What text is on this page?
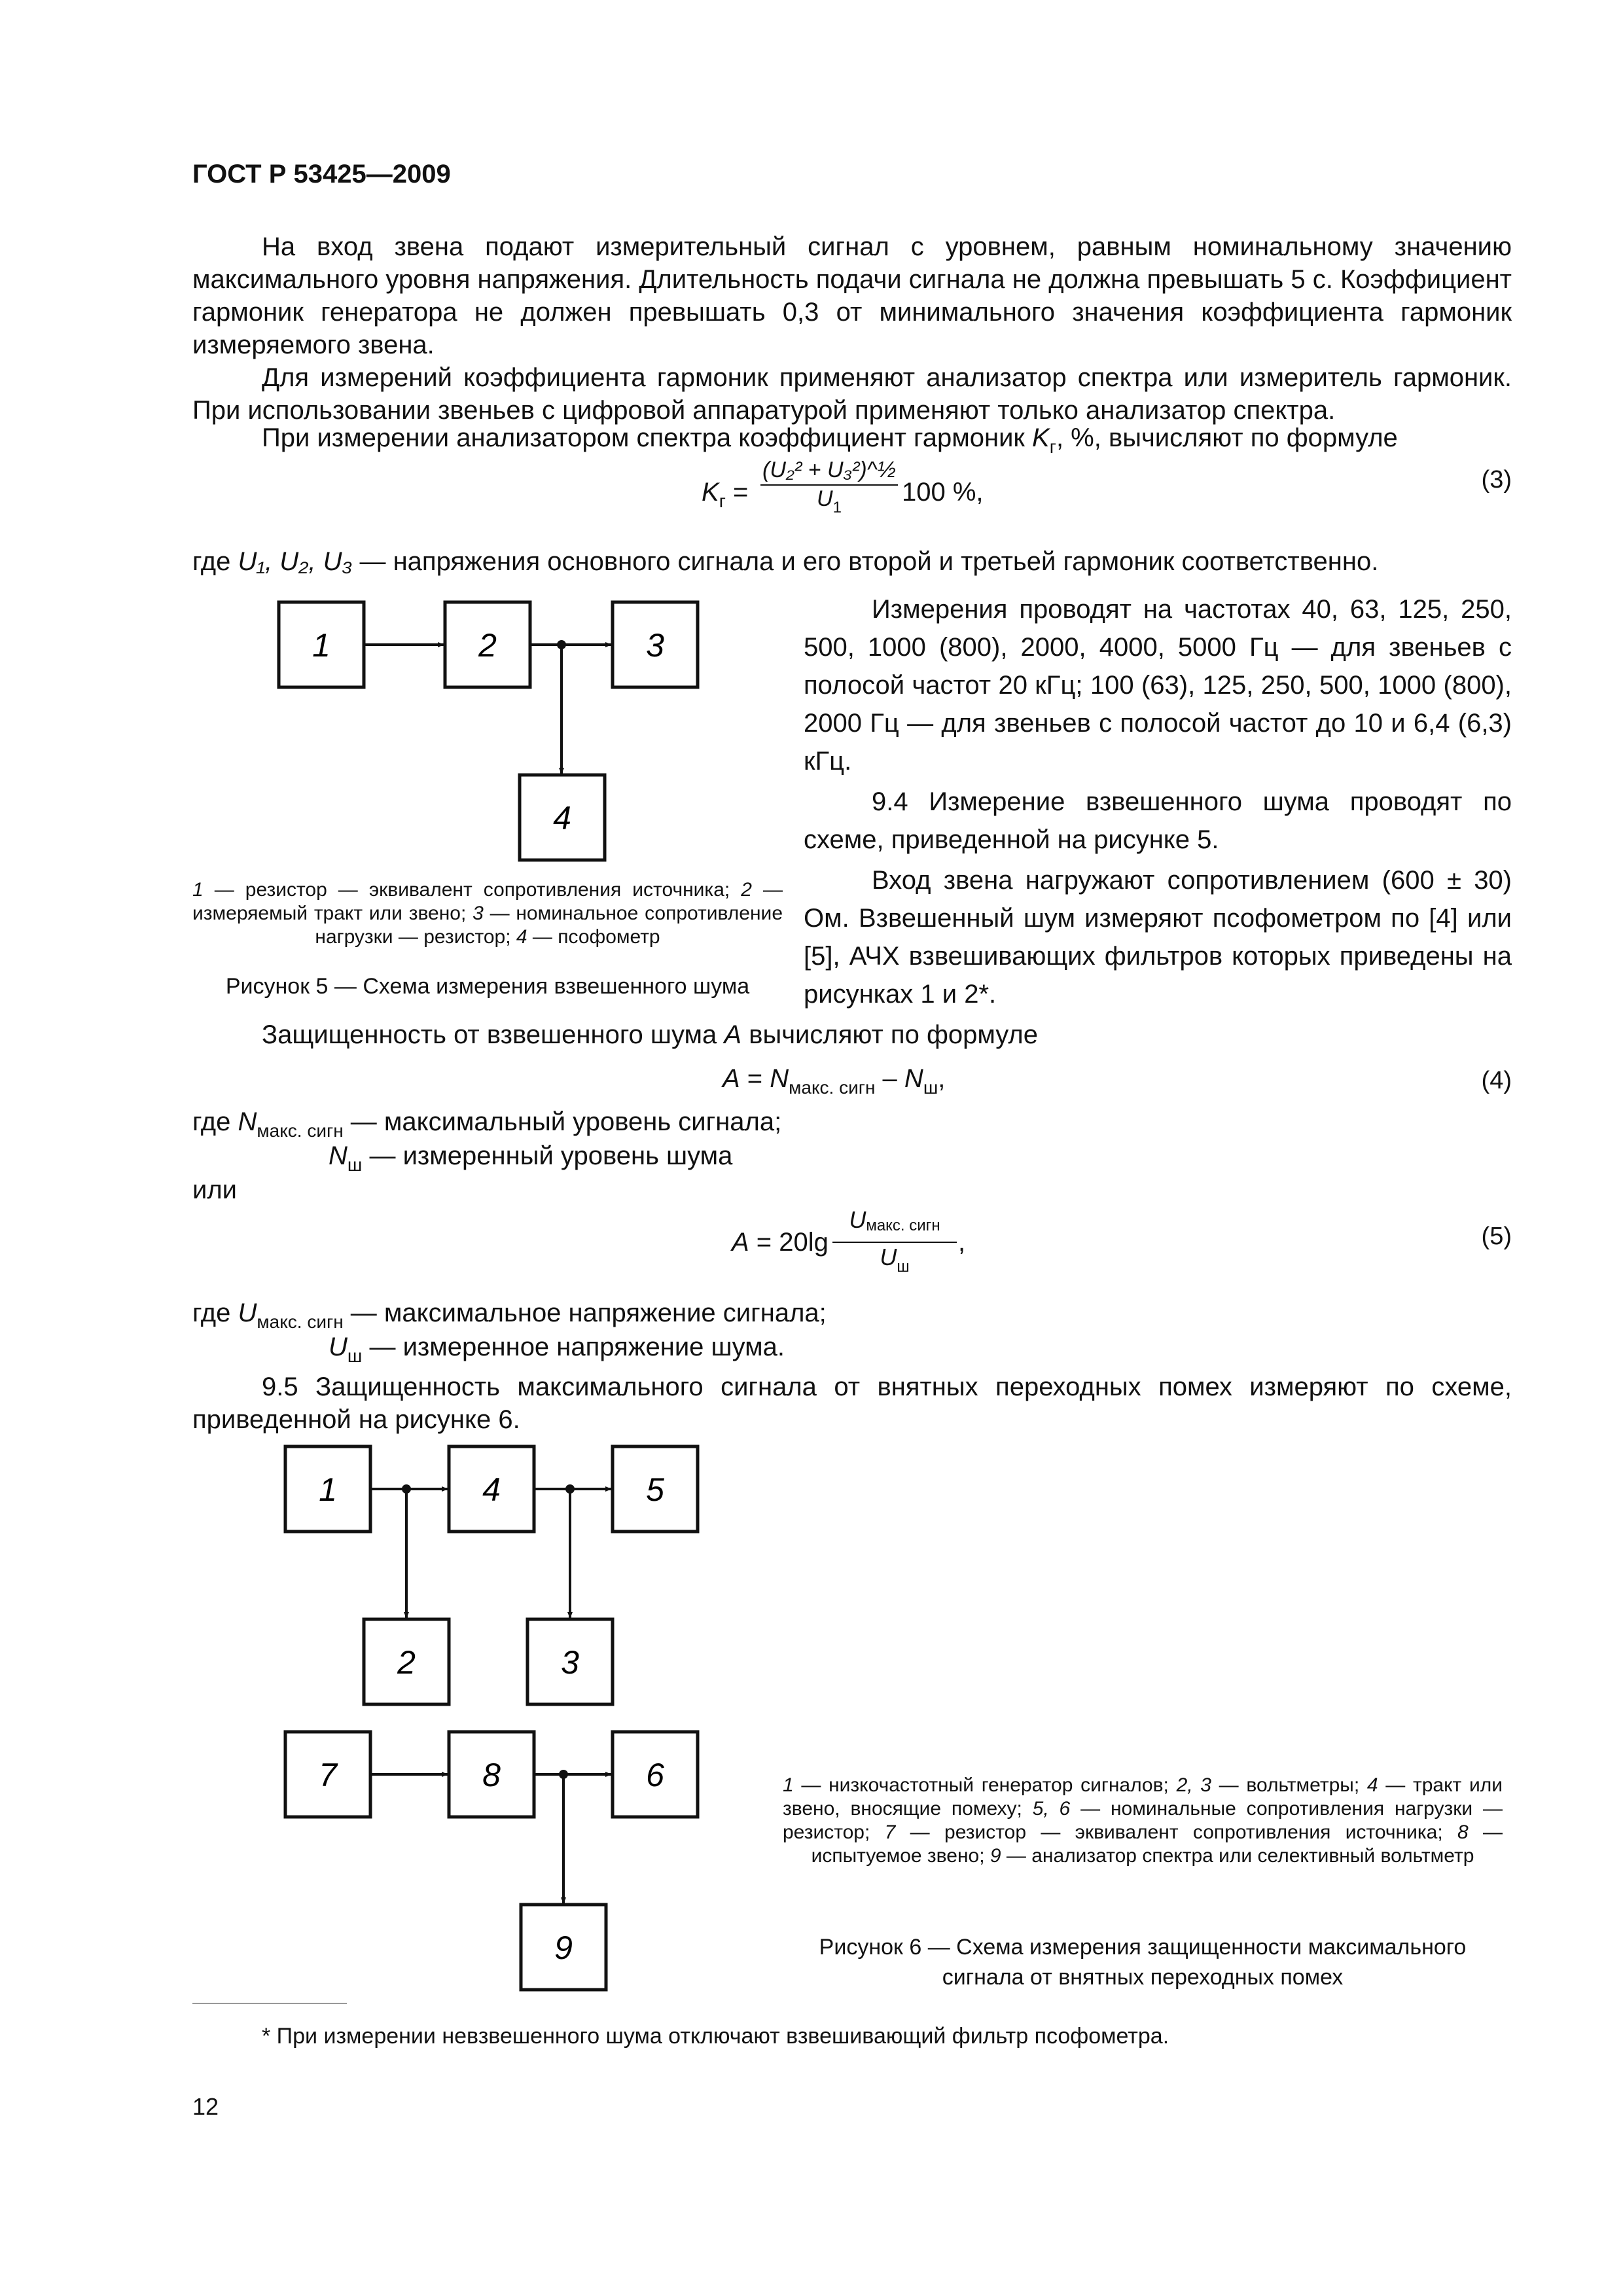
ГОСТ Р 53425—2009
На вход звена подают измерительный сигнал с уровнем, равным номинальному значению максимального уровня напряжения. Длительность подачи сигнала не должна превышать 5 с. Коэффициент гармоник генератора не должен превышать 0,3 от минимального значения коэффициента гармоник измеряемого звена.
Для измерений коэффициента гармоник применяют анализатор спектра или измеритель гармоник. При использовании звеньев с цифровой аппаратурой применяют только анализатор спектра.
При измерении анализатором спектра коэффициент гармоник $K_г$, %, вычисляют по формуле
$K_г$ =
(U₂² + U₃²)^½
$U_1$
100 %,	(3)
где U₁, U₂, U₃ — напряжения основного сигнала и его второй и третьей гармоник соответственно.
Измерения проводят на частотах 40, 63, 125, 250, 500, 1000 (800), 2000, 4000, 5000 Гц — для звеньев с полосой частот 20 кГц; 100 (63), 125, 250, 500, 1000 (800), 2000 Гц — для звеньев с полосой частот до 10 и 6,4 (6,3) кГц.
9.4 Измерение взвешенного шума проводят по схеме, приведенной на рисунке 5.
Вход звена нагружают сопротивлением (600 ± 30) Ом. Взвешенный шум измеряют псофометром по [4] или [5], АЧХ взвешивающих фильтров которых приведены на рисунках 1 и 2*.
1	2	3
4
1 — резистор — эквивалент сопротивления источника; 2 — измеряемый тракт или звено; 3 — номинальное сопротивление нагрузки — резистор; 4 — псофометр
Рисунок 5 — Схема измерения взвешенного шума
Защищенность от взвешенного шума A вычисляют по формуле
$A = N_{макс. сигн} - N_ш$,	(4)
где $N_{макс. сигн}$ — максимальный уровень сигнала;
$N_ш$ — измеренный уровень шума
или
A = 20lg
Uмакс. сигн
$U_ш$
,	(5)
где $U_{макс. сигн}$ — максимальное напряжение сигнала;
$U_ш$ — измеренное напряжение шума.
9.5 Защищенность максимального сигнала от внятных переходных помех измеряют по схеме, приведенной на рисунке 6.
1	4	5
2	3
7	8	6
9
1 — низкочастотный генератор сигналов; 2, 3 — вольтметры; 4 — тракт или звено, вносящие помеху; 5, 6 — номинальные сопротивления нагрузки — резистор; 7 — резистор — эквивалент сопротивления источника; 8 — испытуемое звено; 9 — анализатор спектра или селективный вольтметр
Рисунок 6 — Схема измерения защищенности максимального
сигнала от внятных переходных помех
* При измерении невзвешенного шума отключают взвешивающий фильтр псофометра.
12
